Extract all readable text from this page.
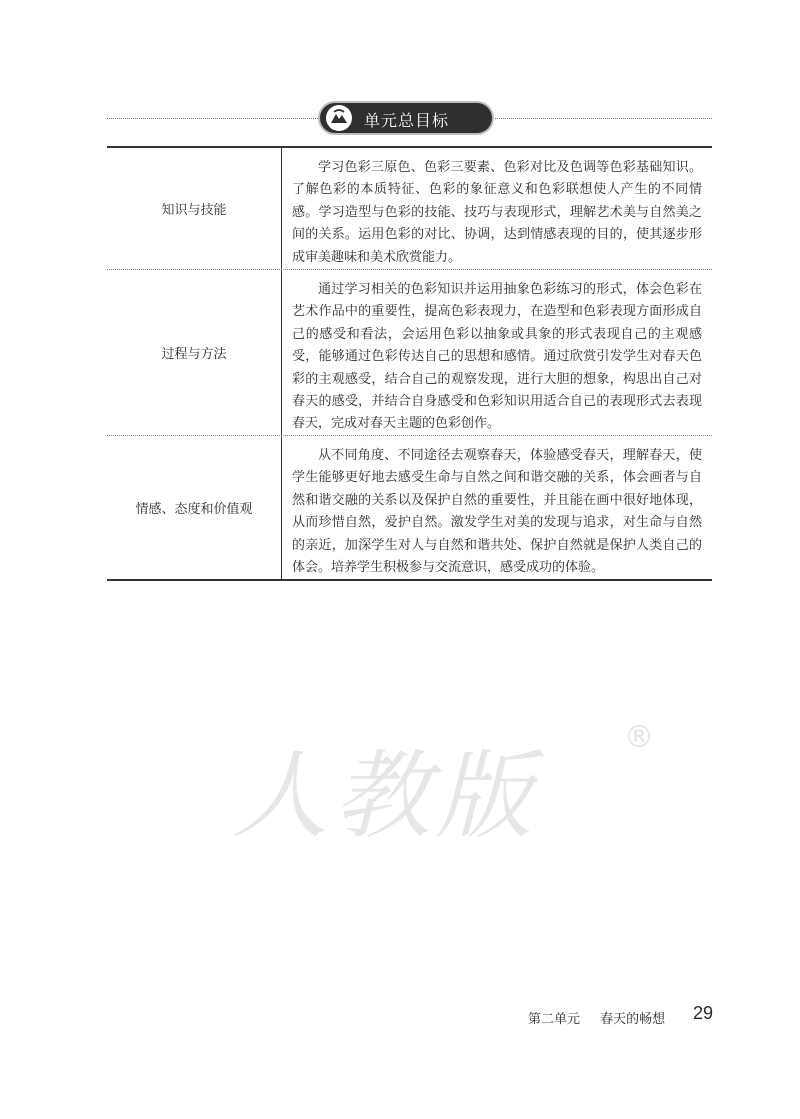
单元总目标
知识与技能
学习色彩三原色、色彩三要素、色彩对比及色调等色彩基础知识。了解色彩的本质特征、色彩的象征意义和色彩联想使人产生的不同情感。学习造型与色彩的技能、技巧与表现形式，理解艺术美与自然美之间的关系。运用色彩的对比、协调，达到情感表现的目的，使其逐步形成审美趣味和美术欣赏能力。
过程与方法
通过学习相关的色彩知识并运用抽象色彩练习的形式，体会色彩在艺术作品中的重要性，提高色彩表现力，在造型和色彩表现方面形成自己的感受和看法，会运用色彩以抽象或具象的形式表现自己的主观感受，能够通过色彩传达自己的思想和感情。通过欣赏引发学生对春天色彩的主观感受，结合自己的观察发现，进行大胆的想象，构思出自己对春天的感受，并结合自身感受和色彩知识用适合自己的表现形式去表现春天，完成对春天主题的色彩创作。
情感、态度和价值观
从不同角度、不同途径去观察春天，体验感受春天，理解春天，使学生能够更好地去感受生命与自然之间和谐交融的关系，体会画者与自然和谐交融的关系以及保护自然的重要性，并且能在画中很好地体现，从而珍惜自然，爱护自然。激发学生对美的发现与追求，对生命与自然的亲近，加深学生对人与自然和谐共处、保护自然就是保护人类自己的体会。培养学生积极参与交流意识，感受成功的体验。
人教版
®
第二单元 春天的畅想 29
